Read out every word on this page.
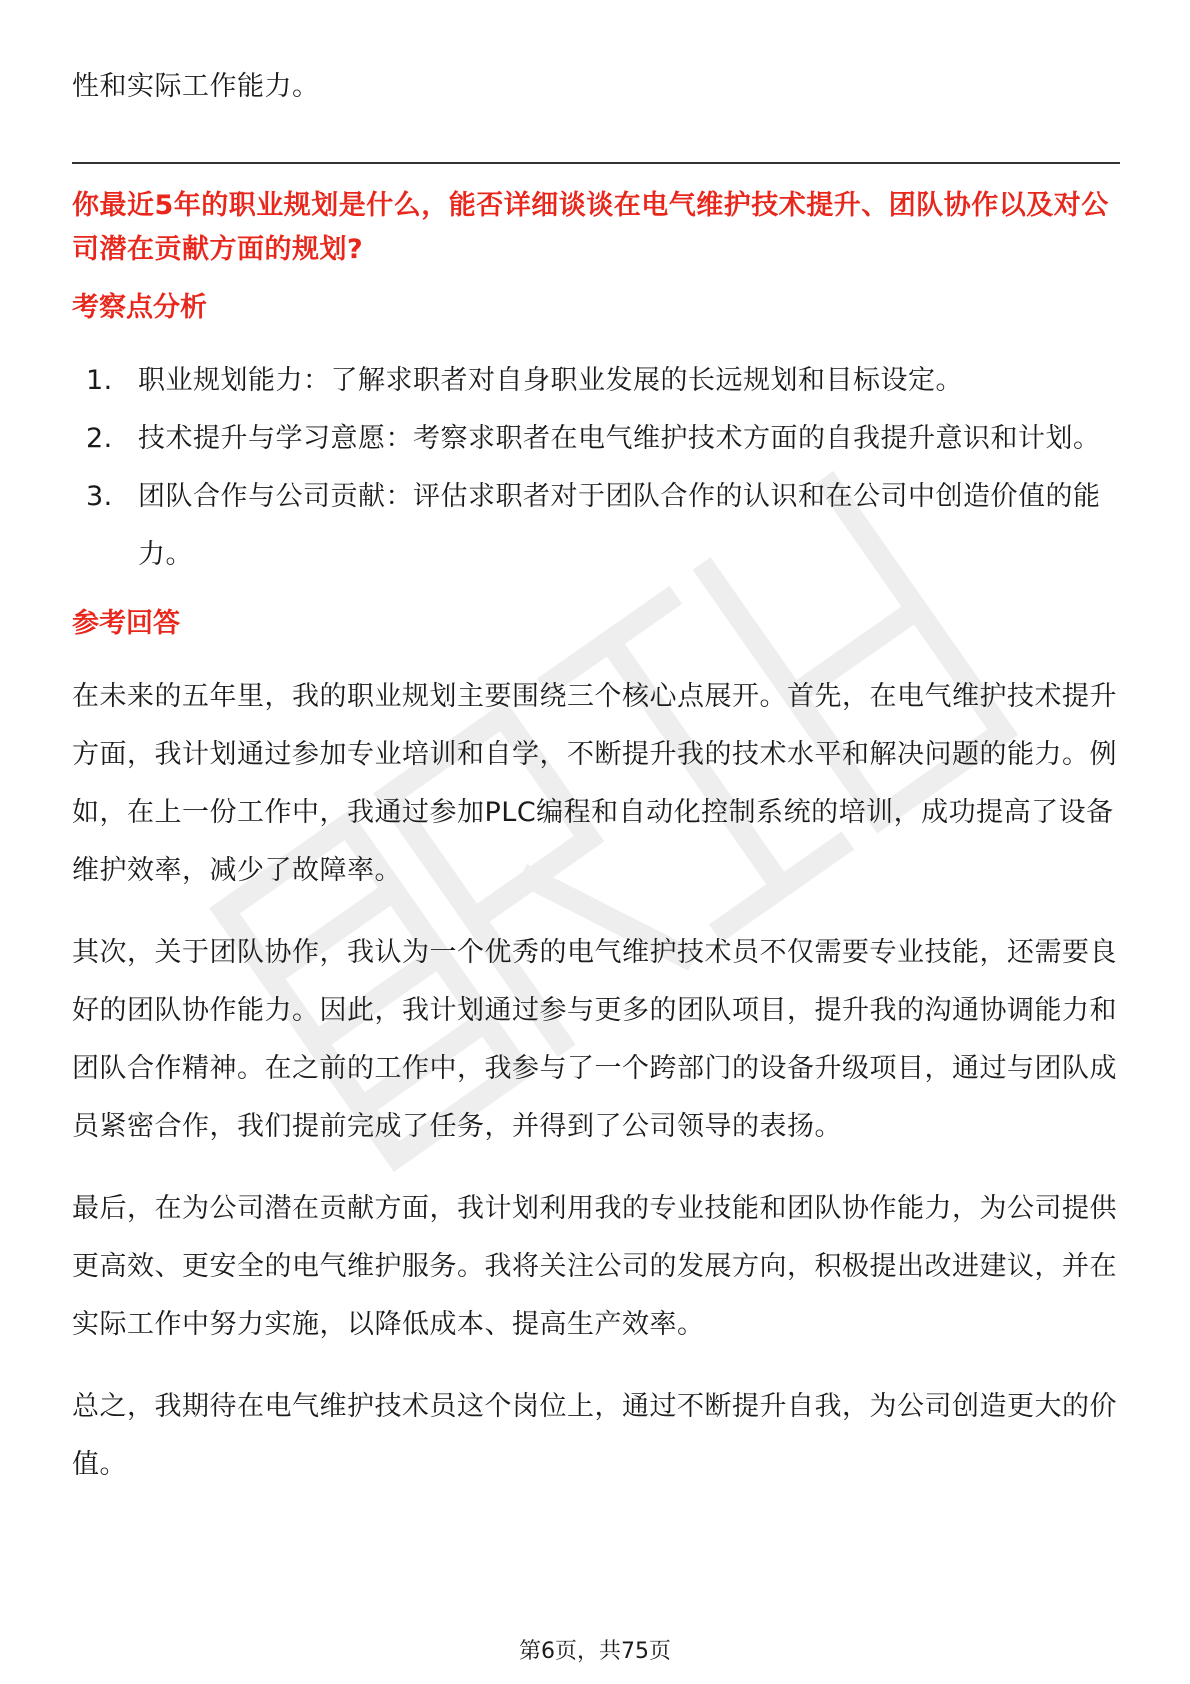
性和实际工作能力。

你最近5年的职业规划是什么，能否详细谈谈在电气维护技术提升、团队协作以及对公司潜在贡献方面的规划?

考察点分析

1. 职业规划能力：了解求职者对自身职业发展的长远规划和目标设定。
2. 技术提升与学习意愿：考察求职者在电气维护技术方面的自我提升意识和计划。
3. 团队合作与公司贡献：评估求职者对于团队合作的认识和在公司中创造价值的能力。

参考回答

在未来的五年里，我的职业规划主要围绕三个核心点展开。首先，在电气维护技术提升方面，我计划通过参加专业培训和自学，不断提升我的技术水平和解决问题的能力。例如，在上一份工作中，我通过参加PLC编程和自动化控制系统的培训，成功提高了设备维护效率，减少了故障率。

其次，关于团队协作，我认为一个优秀的电气维护技术员不仅需要专业技能，还需要良好的团队协作能力。因此，我计划通过参与更多的团队项目，提升我的沟通协调能力和团队合作精神。在之前的工作中，我参与了一个跨部门的设备升级项目，通过与团队成员紧密合作，我们提前完成了任务，并得到了公司领导的表扬。

最后，在为公司潜在贡献方面，我计划利用我的专业技能和团队协作能力，为公司提供更高效、更安全的电气维护服务。我将关注公司的发展方向，积极提出改进建议，并在实际工作中努力实施，以降低成本、提高生产效率。

总之，我期待在电气维护技术员这个岗位上，通过不断提升自我，为公司创造更大的价值。

第6页，共75页
